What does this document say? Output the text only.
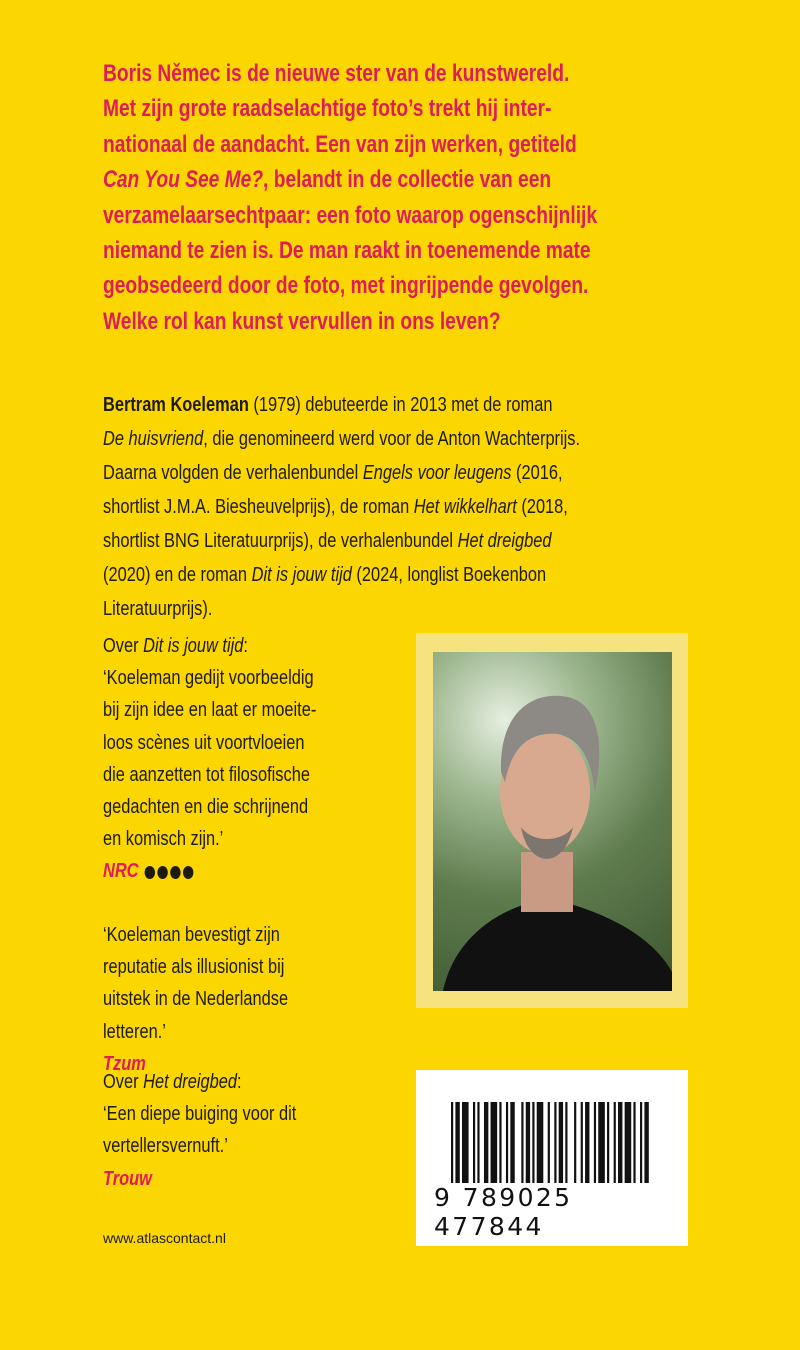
Boris Němec is de nieuwe ster van de kunstwereld.
Met zijn grote raadselachtige foto’s trekt hij inter-
nationaal de aandacht. Een van zijn werken, getiteld
Can You See Me?, belandt in de collectie van een
verzamelaarsechtpaar: een foto waarop ogenschijnlijk
niemand te zien is. De man raakt in toenemende mate
geobsedeerd door de foto, met ingrijpende gevolgen.
Welke rol kan kunst vervullen in ons leven?
Bertram Koeleman (1979) debuteerde in 2013 met de roman
De huisvriend, die genomineerd werd voor de Anton Wachterprijs.
Daarna volgden de verhalenbundel Engels voor leugens (2016,
shortlist J.M.A. Biesheuvelprijs), de roman Het wikkelhart (2018,
shortlist BNG Literatuurprijs), de verhalenbundel Het dreigbed
(2020) en de roman Dit is jouw tijd (2024, longlist Boekenbon
Literatuurprijs).
Over Dit is jouw tijd:
‘Koeleman gedijt voorbeeldig
bij zijn idee en laat er moeite-
loos scènes uit voortvloeien
die aanzetten tot filosofische
gedachten en die schrijnend
en komisch zijn.’
NRC
‘Koeleman bevestigt zijn
reputatie als illusionist bij
uitstek in de Nederlandse
letteren.’
Tzum
Over Het dreigbed:
‘Een diepe buiging voor dit
vertellersvernuft.’
Trouw
9 789025 477844
www.atlascontact.nl
